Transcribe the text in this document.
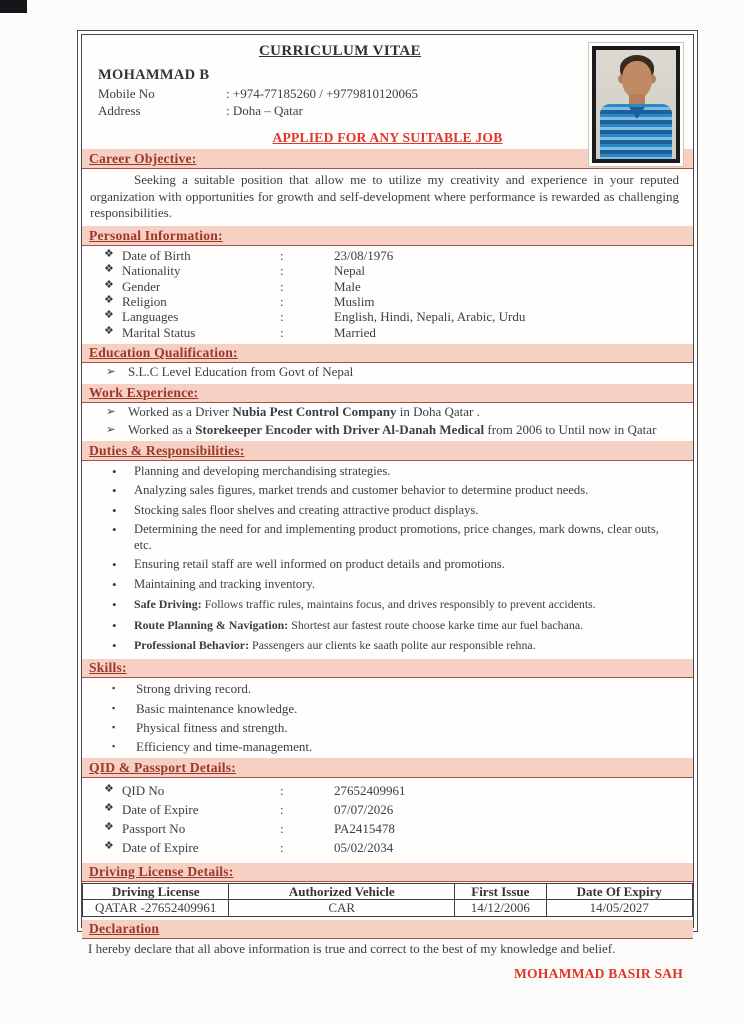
CURRICULUM VITAE
MOHAMMAD B
Mobile No	: +974-77185260 / +9779810120065
Address	: Doha – Qatar
APPLIED FOR ANY SUITABLE JOB
Career Objective:

Seeking a suitable position that allow me to utilize my creativity and experience in your reputed organization with opportunities for growth and self-development where performance is rewarded as challenging responsibilities.

Personal Information:
❖ Date of Birth	:	23/08/1976
❖ Nationality	:	Nepal
❖ Gender	:	Male
❖ Religion	:	Muslim
❖ Languages	:	English, Hindi, Nepali, Arabic, Urdu
❖ Marital Status	:	Married
Education Qualification:
➢ S.L.C Level Education from Govt of Nepal
Work Experience:
➢ Worked as a Driver Nubia Pest Control Company in Doha Qatar .
➢ Worked as a Storekeeper Encoder with Driver Al-Danah Medical from 2006 to Until now in Qatar
Duties & Responsibilities:
•	Planning and developing merchandising strategies.
•	Analyzing sales figures, market trends and customer behavior to determine product needs.
•	Stocking sales floor shelves and creating attractive product displays.
•	Determining the need for and implementing product promotions, price changes, mark downs, clear outs, etc.
•	Ensuring retail staff are well informed on product details and promotions.
•	Maintaining and tracking inventory.
•	Safe Driving: Follows traffic rules, maintains focus, and drives responsibly to prevent accidents.
•	Route Planning & Navigation: Shortest aur fastest route choose karke time aur fuel bachana.
•	Professional Behavior: Passengers aur clients ke saath polite aur responsible rehna.
Skills:
▪	Strong driving record.
▪	Basic maintenance knowledge.
▪	Physical fitness and strength.
▪	Efficiency and time-management.
QID & Passport Details:
❖ QID No	:	27652409961
❖ Date of Expire	:	07/07/2026
❖ Passport No	:	PA2415478
❖ Date of Expire	:	05/02/2034
Driving License Details:
Driving License	Authorized Vehicle	First Issue	Date Of Expiry
QATAR -27652409961	CAR	14/12/2006	14/05/2027
Declaration

I hereby declare that all above information is true and correct to the best of my knowledge and belief.

MOHAMMAD BASIR SAH
